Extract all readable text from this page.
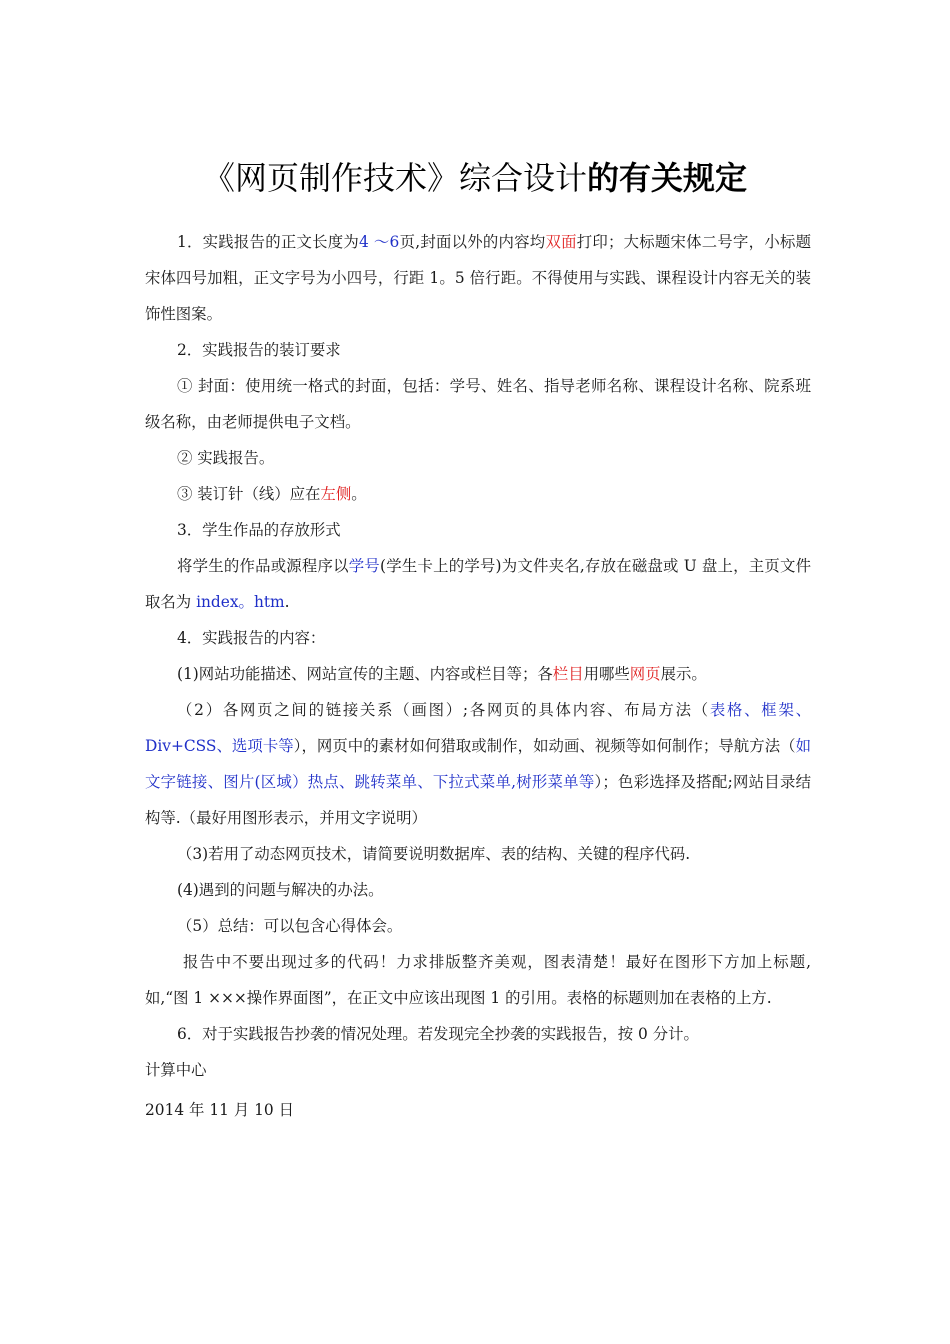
《网页制作技术》综合设计的有关规定

1．实践报告的正文长度为4 ～6页,封面以外的内容均双面打印；大标题宋体二号字，小标题宋体四号加粗，正文字号为小四号，行距 1。5 倍行距。不得使用与实践、课程设计内容无关的装饰性图案。

2．实践报告的装订要求

① 封面：使用统一格式的封面，包括：学号、姓名、指导老师名称、课程设计名称、院系班级名称，由老师提供电子文档。

② 实践报告。

③ 装订针（线）应在左侧。

3．学生作品的存放形式

将学生的作品或源程序以学号(学生卡上的学号)为文件夹名,存放在磁盘或 U 盘上，主页文件取名为 index。htm.

4．实践报告的内容：

(1)网站功能描述、网站宣传的主题、内容或栏目等；各栏目用哪些网页展示。

（2）各网页之间的链接关系（画图）;各网页的具体内容、布局方法（表格、框架、Div+CSS、选项卡等），网页中的素材如何猎取或制作，如动画、视频等如何制作；导航方法（如文字链接、图片(区域）热点、跳转菜单、下拉式菜单,树形菜单等）；色彩选择及搭配;网站目录结构等.（最好用图形表示，并用文字说明）

（3)若用了动态网页技术，请简要说明数据库、表的结构、关键的程序代码.

(4)遇到的问题与解决的办法。

（5）总结：可以包含心得体会。

报告中不要出现过多的代码！力求排版整齐美观，图表清楚！最好在图形下方加上标题,如,“图 1 ×××操作界面图”，在正文中应该出现图 1 的引用。表格的标题则加在表格的上方.

6．对于实践报告抄袭的情况处理。若发现完全抄袭的实践报告，按 0 分计。

计算中心

2014 年 11 月 10 日
